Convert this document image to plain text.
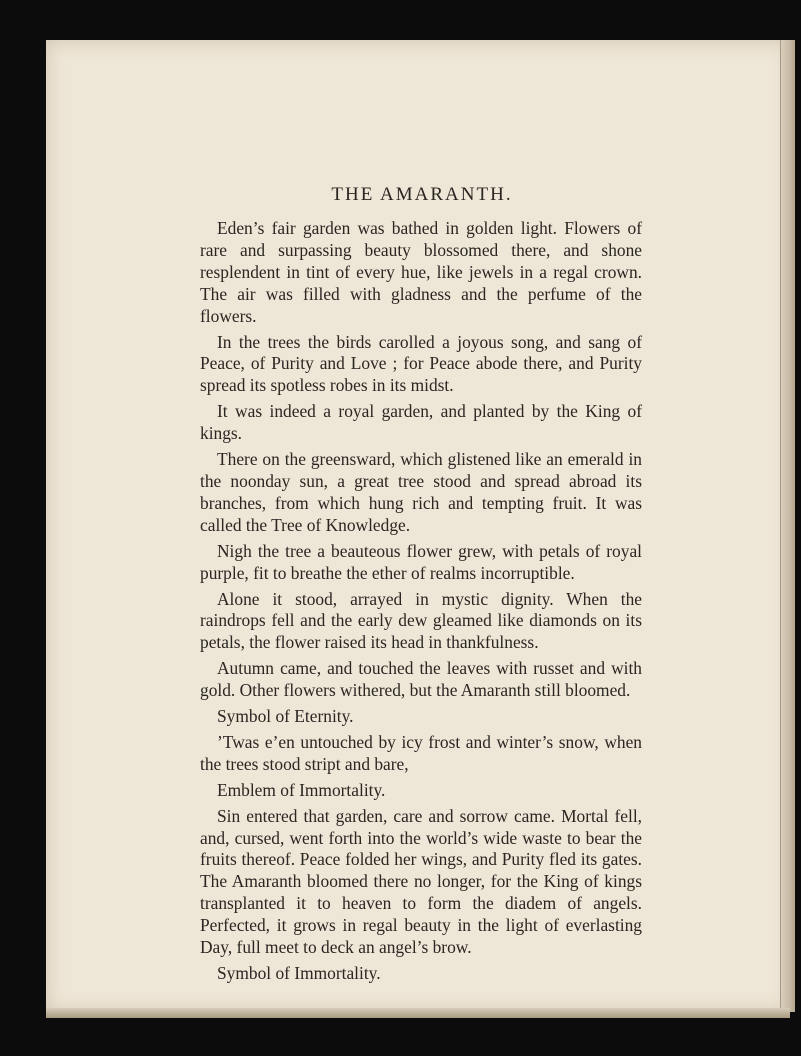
THE AMARANTH.

Eden’s fair garden was bathed in golden light. Flowers of rare and surpassing beauty blossomed there, and shone resplendent in tint of every hue, like jewels in a regal crown. The air was filled with gladness and the perfume of the flowers.

In the trees the birds carolled a joyous song, and sang of Peace, of Purity and Love ; for Peace abode there, and Purity spread its spotless robes in its midst.

It was indeed a royal garden, and planted by the King of kings.

There on the greensward, which glistened like an emerald in the noonday sun, a great tree stood and spread abroad its branches, from which hung rich and tempting fruit. It was called the Tree of Knowledge.

Nigh the tree a beauteous flower grew, with petals of royal purple, fit to breathe the ether of realms incorruptible.

Alone it stood, arrayed in mystic dignity. When the raindrops fell and the early dew gleamed like diamonds on its petals, the flower raised its head in thankfulness.

Autumn came, and touched the leaves with russet and with gold. Other flowers withered, but the Amaranth still bloomed.

Symbol of Eternity.

’Twas e’en untouched by icy frost and winter’s snow, when the trees stood stript and bare,

Emblem of Immortality.

Sin entered that garden, care and sorrow came. Mortal fell, and, cursed, went forth into the world’s wide waste to bear the fruits thereof. Peace folded her wings, and Purity fled its gates. The Amaranth bloomed there no longer, for the King of kings transplanted it to heaven to form the diadem of angels. Perfected, it grows in regal beauty in the light of everlasting Day, full meet to deck an angel’s brow.

Symbol of Immortality.
